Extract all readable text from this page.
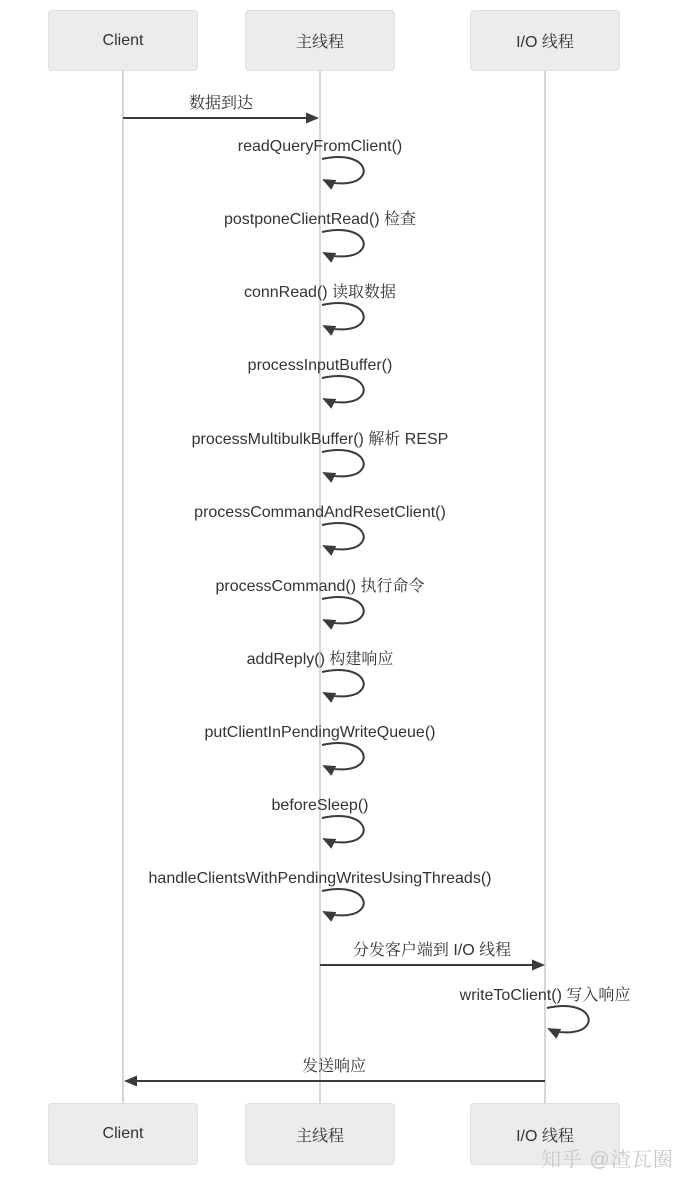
Client	主线程	I/O 线程
数据到达
readQueryFromClient()
postponeClientRead() 检查
connRead() 读取数据
processInputBuffer()
processMultibulkBuffer() 解析 RESP
processCommandAndResetClient()
processCommand() 执行命令
addReply() 构建响应
putClientInPendingWriteQueue()
beforeSleep()
handleClientsWithPendingWritesUsingThreads()
分发客户端到 I/O 线程
writeToClient() 写入响应
发送响应
Client	主线程	I/O 线程
知乎 @渣瓦圈
